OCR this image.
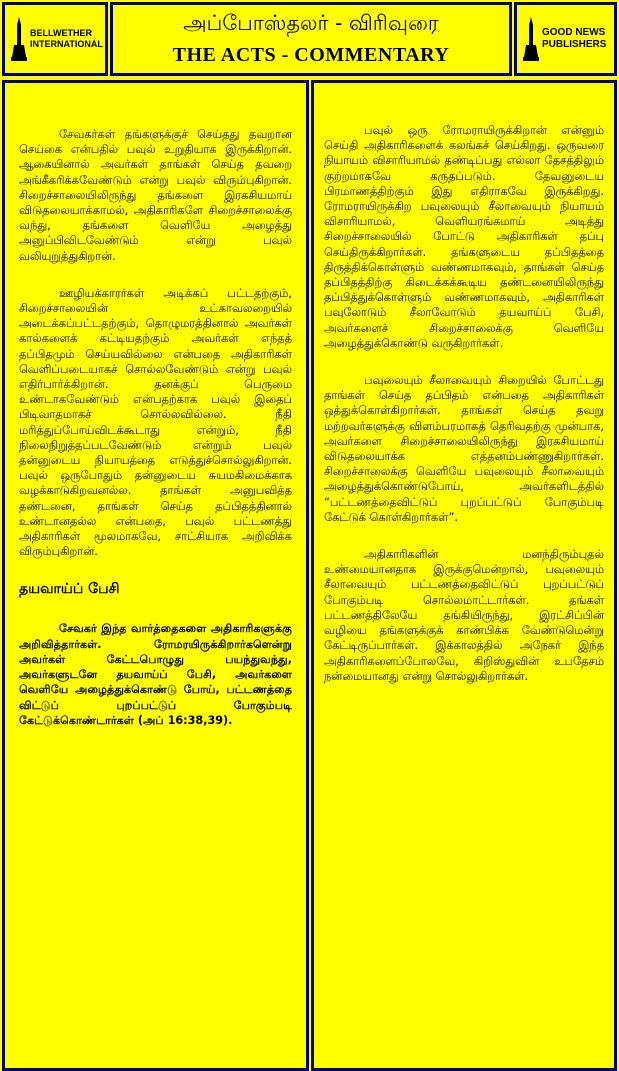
BELLWETHER
INTERNATIONAL
அப்போஸ்தலர் - விரிவுரை
THE ACTS - COMMENTARY
GOOD NEWS
PUBLISHERS

சேவகர்கள் தங்களுக்குச் செய்தது தவறான செய்கை என்பதில் பவுல் உறுதியாக இருக்கிறான். ஆகையினால் அவர்கள் தாங்கள் செய்த தவறை அங்கீகரிக்கவேண்டும் என்று பவுல் விரும்புகிறான். சிறைச்சாலையிலிருந்து தங்களை இரகசியமாய் விடுதலையாக்காமல், அதிகாரிகளே சிறைச்சாலைக்கு வந்து, தங்களை வெளியே அழைத்து அனுப்பிவிடவேண்டும் என்று பவுல் வலியுறுத்துகிறான்.

ஊழியக்காரர்கள் அடிக்கப் பட்டதற்கும், சிறைச்சாலையின் உட்காவலறையில் அடைக்கப்பட்டதற்கும், தொழுமரத்தினால் அவர்கள் கால்களைக் கட்டியதற்கும் அவர்கள் எந்தத் தப்பிதமும் செய்யவில்லை என்பதை அதிகாரிகள் வெளிப்படையாகச் சொல்லவேண்டும் என்று பவுல் எதிர்பார்க்கிறான். தனக்குப் பெருமை உண்டாகவேண்டும் என்பதற்காக பவுல் இதைப் பிடிவாதமாகச் சொல்லவில்லை. நீதி மரித்துப்போய்விடக்கூடாது என்றும், நீதி நிலைநிறுத்தப்படவேண்டும் என்றும் பவுல் தன்னுடைய நியாயத்தை எடுத்துச்சொல்லுகிறான். பவுல் ஒருபோதும் தன்னுடைய சுயமகிமைக்காக வழக்காடுகிறவனல்ல. தாங்கள் அனுபவித்த தண்டனை, தாங்கள் செய்த தப்பிதத்தினால் உண்டானதல்ல என்பதை, பவுல் பட்டணத்து அதிகாரிகள் மூலமாகவே, சாட்சியாக அறிவிக்க விரும்புகிறான்.

தயவாய்ப் பேசி

சேவகர் இந்த வார்த்தைகளை அதிகாரிகளுக்கு அறிவித்தார்கள். ரோமரயிருக்கிறார்களென்று அவர்கள் கேட்டபொழுது பயந்துவந்து, அவர்களுடனே தயவாய்ப் பேசி, அவர்களை வெளியே அழைத்துக்கொண்டு போய், பட்டணத்தை விட்டுப் புறப்பட்டுப் போகும்படி கேட்டுக்கொண்டார்கள் (அப் 16:38,39).

பவுல் ஒரு ரோமராயிருக்கிறான் என்னும் செய்தி அதிகாரிகளைக் கலங்கச் செய்கிறது. ஒருவரை நியாயம் விசாரியாமல் தண்டிப்பது எல்லா தேசத்திலும் குற்றமாகவே கருதப்படும். தேவனுடைய பிரமாணத்திற்கும் இது எதிராகவே இருக்கிறது. ரோமராயிருக்கிற பவுலையும் சீலாவையும் நியாயம் விசாரியாமல், வெளியரங்கமாய் அடித்து சிறைச்சாலையில் போட்டு அதிகாரிகள் தப்பு செய்திருக்கிறார்கள். தங்களுடைய தப்பிதத்தை திருத்திக்கொள்ளும் வண்ணமாகவும், தாங்கள் செய்த தப்பிதத்திற்கு கிடைக்கக்கூடிய தண்டனையிலிருந்து தப்பித்துக்கொள்ளும் வண்ணமாகவும், அதிகாரிகள் பவுலோடும் சீலாவோடும் தயவாய்ப் பேசி, அவர்களைச் சிறைச்சாலைக்கு வெளியே அழைத்துக்கொண்டு வருகிறார்கள்.

பவுலையும் சீலாவையும் சிறையில் போட்டது தாங்கள் செய்த தப்பிதம் என்பதை அதிகாரிகள் ஒத்துக்கொள்கிறார்கள். தாங்கள் செய்த தவறு மற்றவர்களுக்கு விளம்பரமாகத் தெரிவதற்கு முன்பாக, அவர்களை சிறைச்சாலையிலிருந்து இரகசியமாய் விடுதலையாக்க எத்தனம்பண்ணுகிறார்கள். சிறைச்சாலைக்கு வெளியே பவுலையும் சீலாவையும் அழைத்துக்கொண்டுபோய், அவர்களிடத்தில் “பட்டணத்தைவிட்டுப் புறப்பட்டுப் போகும்படி கேட்டுக் கொள்கிறார்கள்”.

அதிகாரிகளின் மனந்திரும்புதல் உண்மையானதாக இருக்குமென்றால், பவுலையும் சீலாவையும் பட்டணத்தைவிட்டுப் புறப்பட்டுப் போகும்படி சொல்லமாட்டார்கள். தங்கள் பட்டணத்திலேயே தங்கியிருந்து, இரட்சிப்பின் வழியை தங்களுக்குக் காண்பிக்க வேண்டுமென்று கேட்டிருப்பார்கள். இக்காலத்தில் அநேகர் இந்த அதிகாரிகளைப்போலவே, கிறிஸ்துவின் உபதேசம் நன்மையானது என்று சொல்லுகிறார்கள்.
